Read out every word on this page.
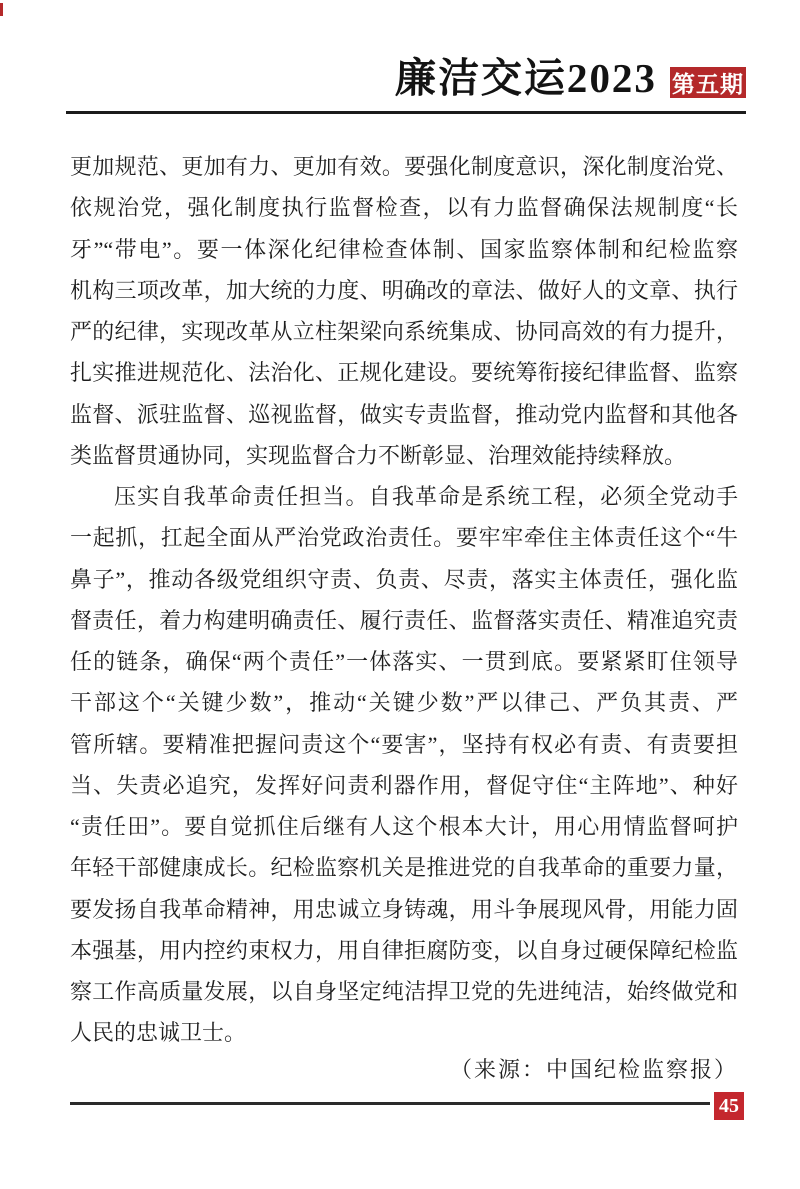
廉洁交运2023 第五期
更加规范、更加有力、更加有效。要强化制度意识，深化制度治党、
依规治党，强化制度执行监督检查，以有力监督确保法规制度“长
牙”“带电”。要一体深化纪律检查体制、国家监察体制和纪检监察
机构三项改革，加大统的力度、明确改的章法、做好人的文章、执行
严的纪律，实现改革从立柱架梁向系统集成、协同高效的有力提升，
扎实推进规范化、法治化、正规化建设。要统筹衔接纪律监督、监察
监督、派驻监督、巡视监督，做实专责监督，推动党内监督和其他各
类监督贯通协同，实现监督合力不断彰显、治理效能持续释放。
压实自我革命责任担当。自我革命是系统工程，必须全党动手
一起抓，扛起全面从严治党政治责任。要牢牢牵住主体责任这个“牛
鼻子”，推动各级党组织守责、负责、尽责，落实主体责任，强化监
督责任，着力构建明确责任、履行责任、监督落实责任、精准追究责
任的链条，确保“两个责任”一体落实、一贯到底。要紧紧盯住领导
干部这个“关键少数”，推动“关键少数”严以律己、严负其责、严
管所辖。要精准把握问责这个“要害”，坚持有权必有责、有责要担
当、失责必追究，发挥好问责利器作用，督促守住“主阵地”、种好
“责任田”。要自觉抓住后继有人这个根本大计，用心用情监督呵护
年轻干部健康成长。纪检监察机关是推进党的自我革命的重要力量，
要发扬自我革命精神，用忠诚立身铸魂，用斗争展现风骨，用能力固
本强基，用内控约束权力，用自律拒腐防变，以自身过硬保障纪检监
察工作高质量发展，以自身坚定纯洁捍卫党的先进纯洁，始终做党和
人民的忠诚卫士。
（来源：中国纪检监察报）
45
